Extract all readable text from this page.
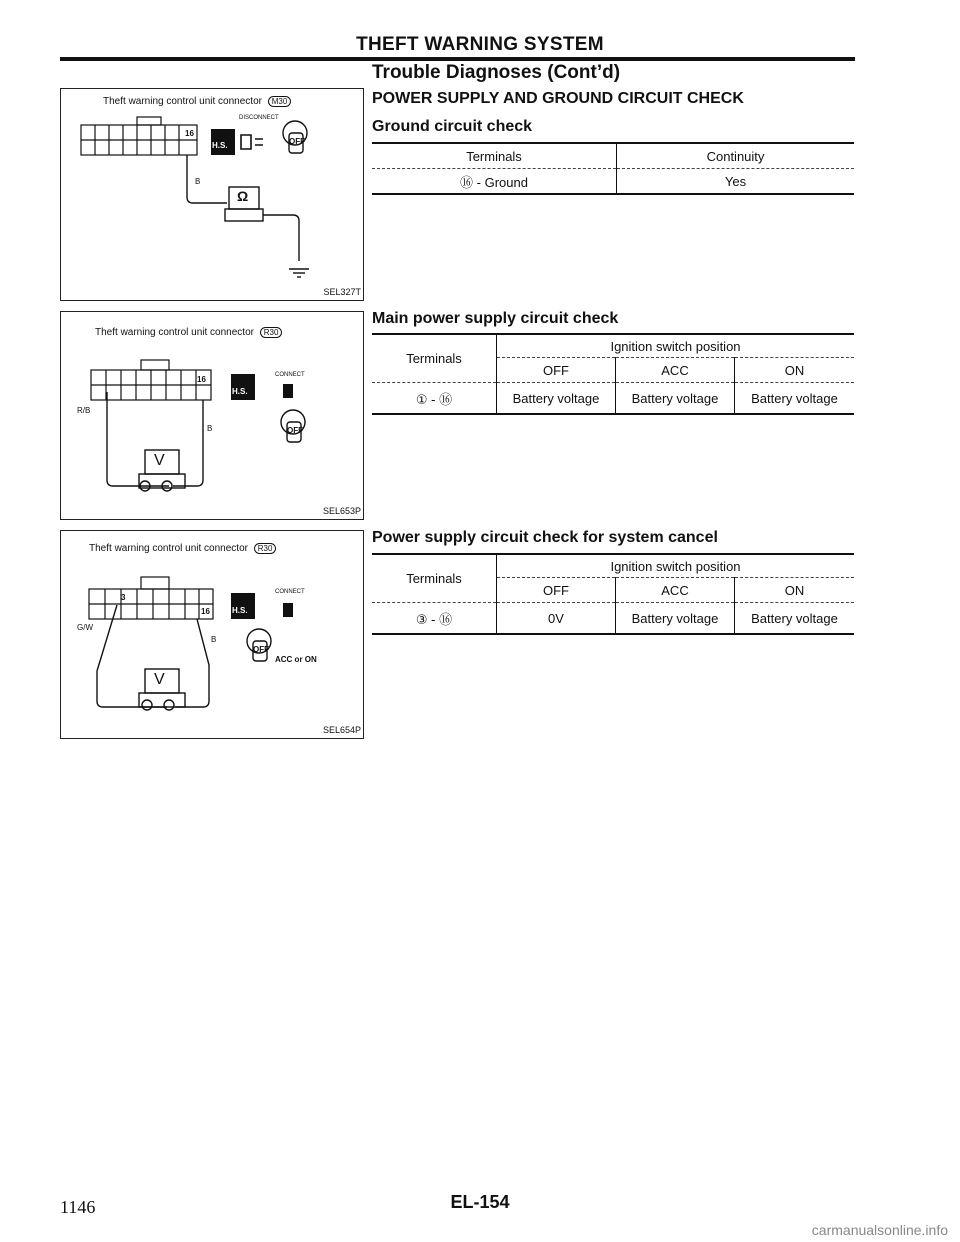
THEFT WARNING SYSTEM
Trouble Diagnoses (Cont’d)
POWER SUPPLY AND GROUND CIRCUIT CHECK
Theft warning control unit connector M30
16
B
H.S.
DISCONNECT
OFF
Ω
SEL327T
Theft warning control unit connector R30
R/B
16
B
H.S.
CONNECT
OFF
V
SEL653P
Theft warning control unit connector R30
3
16
G/W
B
H.S.
CONNECT
OFF
ACC or ON
V
SEL654P
Ground circuit check
Terminals	Continuity
⑯ - Ground	Yes
Main power supply circuit check
Terminals	Ignition switch position		
	OFF	ACC	ON
① - ⑯	Battery voltage	Battery voltage	Battery voltage
Power supply circuit check for system cancel
Terminals	Ignition switch position		
	OFF	ACC	ON
③ - ⑯	0V	Battery voltage	Battery voltage
1146	EL-154
carmanualsonline.info
